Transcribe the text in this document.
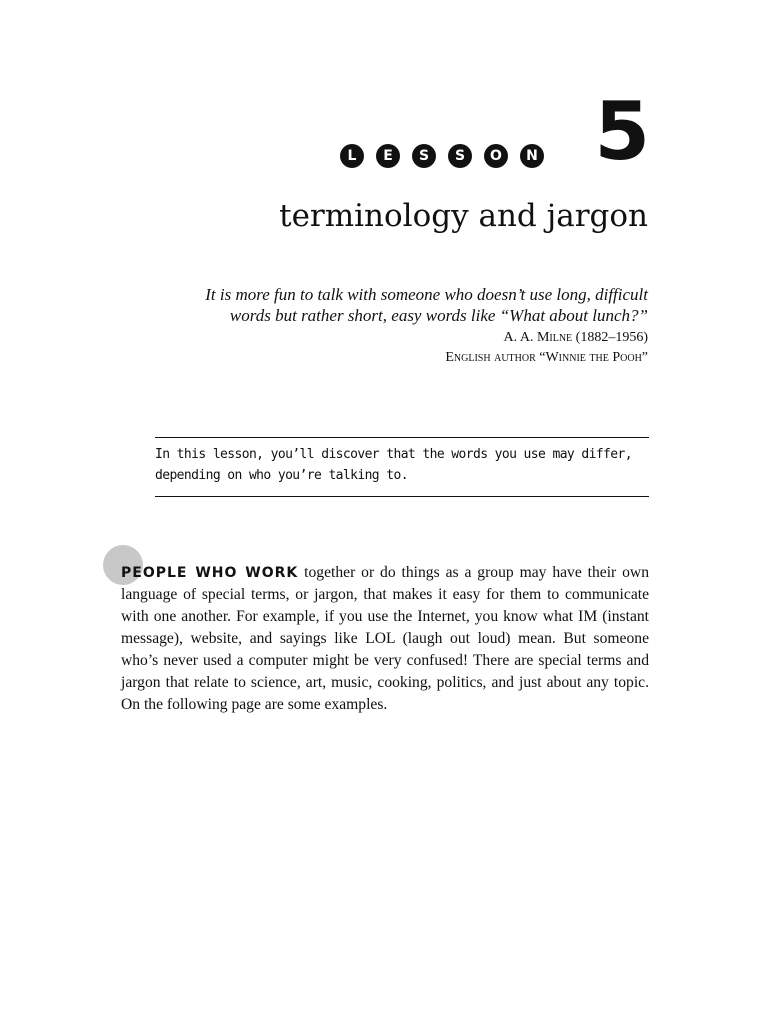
L	E	S	S	O	N 5
terminology and jargon

It is more fun to talk with someone who doesn’t use long, difficult words but rather short, easy words like “What about lunch?”

A. A. Milne (1882–1956)
English author “Winnie the Pooh”
In this lesson, you’ll discover that the words you use may differ, depending on who you’re talking to.

PEOPLE WHO WORK together or do things as a group may have their own language of special terms, or jargon, that makes it easy for them to communicate with one another. For example, if you use the Internet, you know what IM (instant message), website, and sayings like LOL (laugh out loud) mean. But someone who’s never used a computer might be very confused! There are special terms and jargon that relate to science, art, music, cooking, politics, and just about any topic. On the following page are some examples.
